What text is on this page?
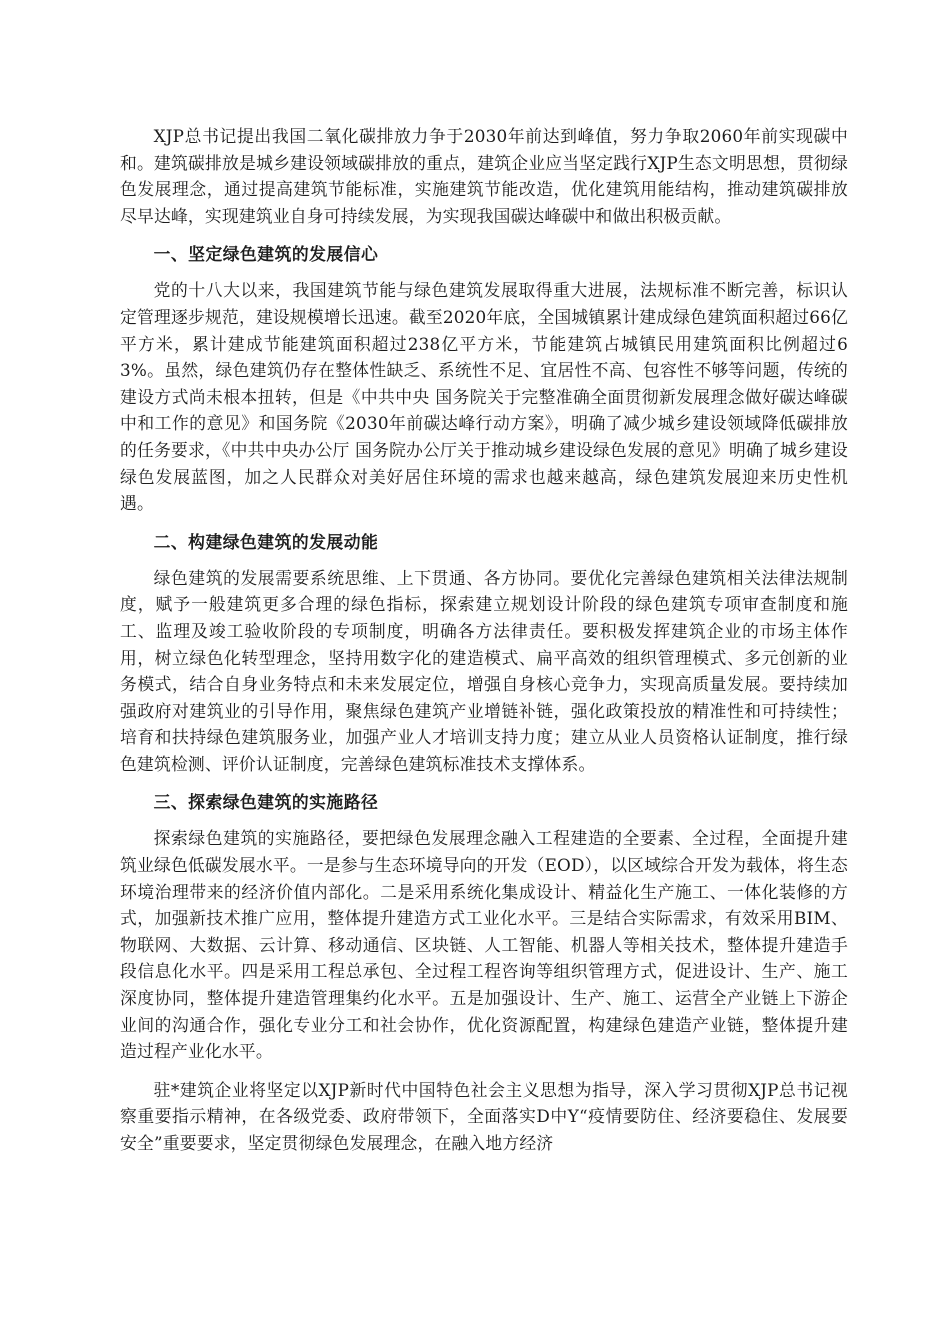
XJP总书记提出我国二氧化碳排放力争于2030年前达到峰值，努力争取2060年前实现碳中和。建筑碳排放是城乡建设领域碳排放的重点，建筑企业应当坚定践行XJP生态文明思想，贯彻绿色发展理念，通过提高建筑节能标准，实施建筑节能改造，优化建筑用能结构，推动建筑碳排放尽早达峰，实现建筑业自身可持续发展，为实现我国碳达峰碳中和做出积极贡献。

一、坚定绿色建筑的发展信心

党的十八大以来，我国建筑节能与绿色建筑发展取得重大进展，法规标准不断完善，标识认定管理逐步规范，建设规模增长迅速。截至2020年底，全国城镇累计建成绿色建筑面积超过66亿平方米，累计建成节能建筑面积超过238亿平方米，节能建筑占城镇民用建筑面积比例超过63%。虽然，绿色建筑仍存在整体性缺乏、系统性不足、宜居性不高、包容性不够等问题，传统的建设方式尚未根本扭转，但是《中共中央 国务院关于完整准确全面贯彻新发展理念做好碳达峰碳中和工作的意见》和国务院《2030年前碳达峰行动方案》，明确了减少城乡建设领域降低碳排放的任务要求，《中共中央办公厅 国务院办公厅关于推动城乡建设绿色发展的意见》明确了城乡建设绿色发展蓝图，加之人民群众对美好居住环境的需求也越来越高，绿色建筑发展迎来历史性机遇。

二、构建绿色建筑的发展动能

绿色建筑的发展需要系统思维、上下贯通、各方协同。要优化完善绿色建筑相关法律法规制度，赋予一般建筑更多合理的绿色指标，探索建立规划设计阶段的绿色建筑专项审查制度和施工、监理及竣工验收阶段的专项制度，明确各方法律责任。要积极发挥建筑企业的市场主体作用，树立绿色化转型理念，坚持用数字化的建造模式、扁平高效的组织管理模式、多元创新的业务模式，结合自身业务特点和未来发展定位，增强自身核心竞争力，实现高质量发展。要持续加强政府对建筑业的引导作用，聚焦绿色建筑产业增链补链，强化政策投放的精准性和可持续性；培育和扶持绿色建筑服务业，加强产业人才培训支持力度；建立从业人员资格认证制度，推行绿色建筑检测、评价认证制度，完善绿色建筑标准技术支撑体系。

三、探索绿色建筑的实施路径

探索绿色建筑的实施路径，要把绿色发展理念融入工程建造的全要素、全过程，全面提升建筑业绿色低碳发展水平。一是参与生态环境导向的开发（EOD），以区域综合开发为载体，将生态环境治理带来的经济价值内部化。二是采用系统化集成设计、精益化生产施工、一体化装修的方式，加强新技术推广应用，整体提升建造方式工业化水平。三是结合实际需求，有效采用BIM、物联网、大数据、云计算、移动通信、区块链、人工智能、机器人等相关技术，整体提升建造手段信息化水平。四是采用工程总承包、全过程工程咨询等组织管理方式，促进设计、生产、施工深度协同，整体提升建造管理集约化水平。五是加强设计、生产、施工、运营全产业链上下游企业间的沟通合作，强化专业分工和社会协作，优化资源配置，构建绿色建造产业链，整体提升建造过程产业化水平。

驻*建筑企业将坚定以XJP新时代中国特色社会主义思想为指导，深入学习贯彻XJP总书记视察重要指示精神，在各级党委、政府带领下，全面落实D中Y“疫情要防住、经济要稳住、发展要安全”重要要求，坚定贯彻绿色发展理念，在融入地方经济
